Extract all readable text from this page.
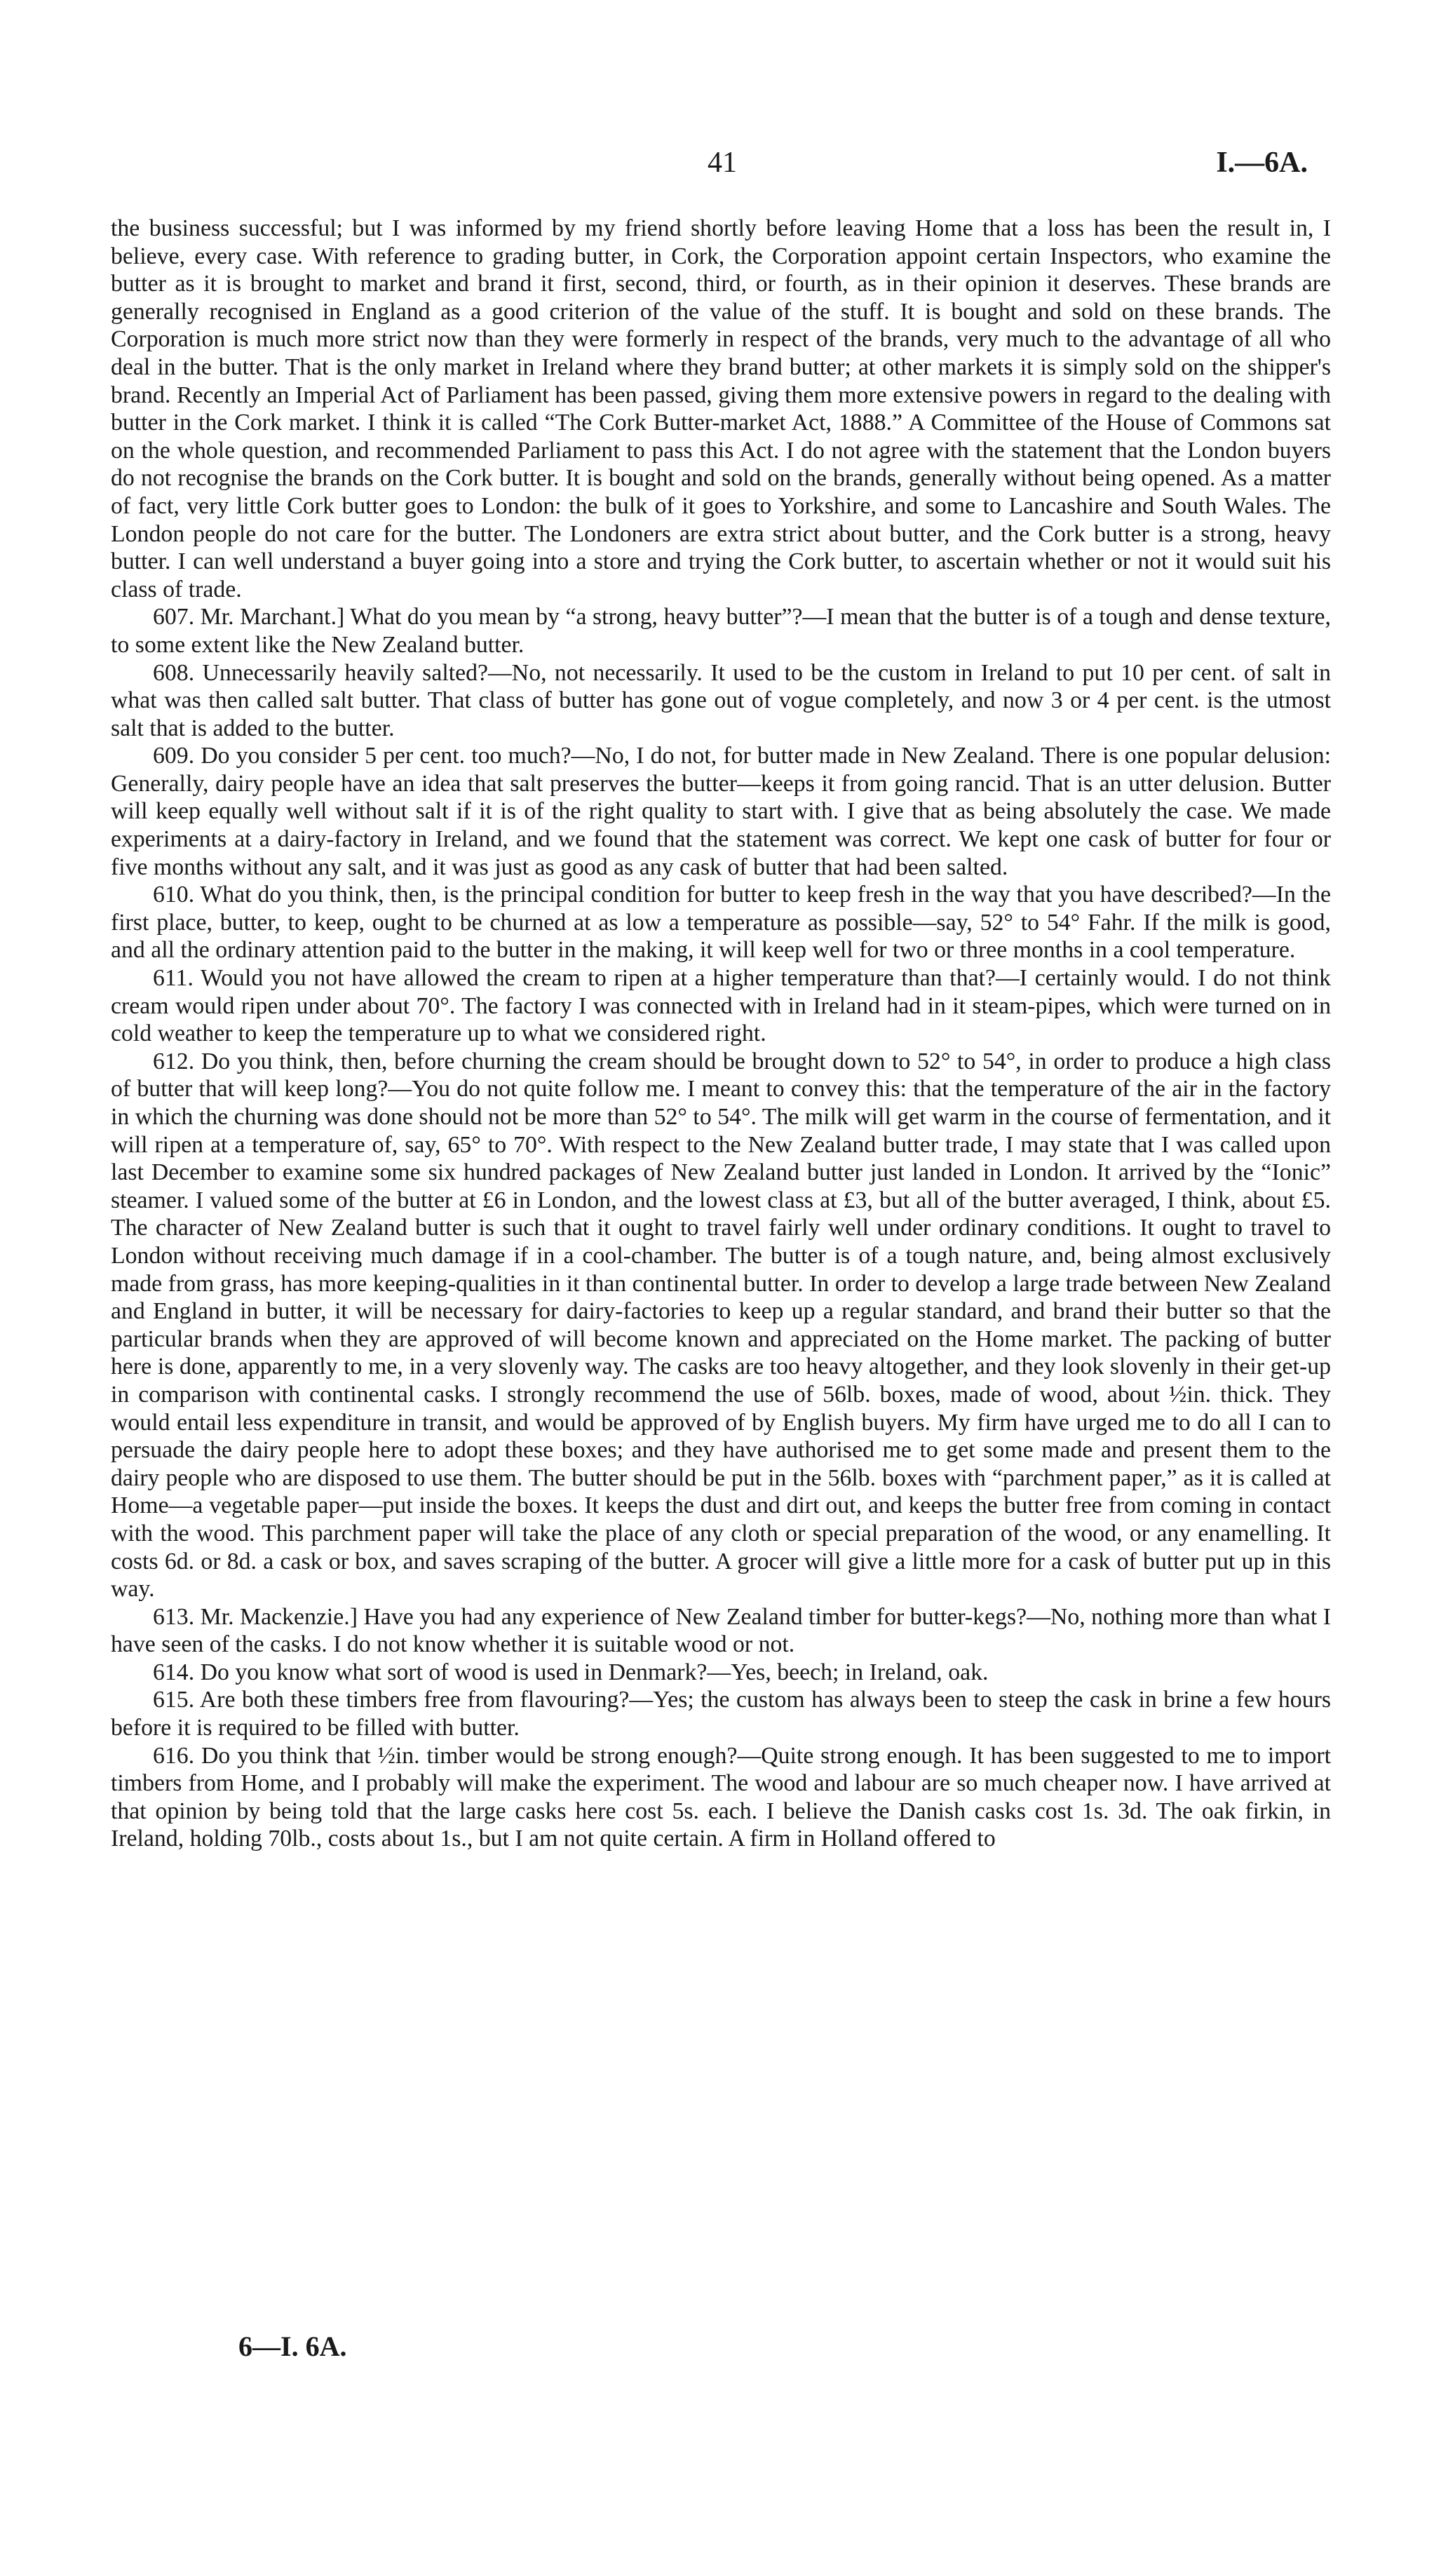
41	I.—6A.

the business successful; but I was informed by my friend shortly before leaving Home that a loss has been the result in, I believe, every case. With reference to grading butter, in Cork, the Corporation appoint certain Inspectors, who examine the butter as it is brought to market and brand it first, second, third, or fourth, as in their opinion it deserves. These brands are generally recognised in England as a good criterion of the value of the stuff. It is bought and sold on these brands. The Corporation is much more strict now than they were formerly in respect of the brands, very much to the advantage of all who deal in the butter. That is the only market in Ireland where they brand butter; at other markets it is simply sold on the shipper's brand. Recently an Imperial Act of Parliament has been passed, giving them more extensive powers in regard to the dealing with butter in the Cork market. I think it is called “The Cork Butter-market Act, 1888.” A Committee of the House of Commons sat on the whole question, and recommended Parliament to pass this Act. I do not agree with the statement that the London buyers do not recognise the brands on the Cork butter. It is bought and sold on the brands, generally without being opened. As a matter of fact, very little Cork butter goes to London: the bulk of it goes to Yorkshire, and some to Lancashire and South Wales. The London people do not care for the butter. The Londoners are extra strict about butter, and the Cork butter is a strong, heavy butter. I can well understand a buyer going into a store and trying the Cork butter, to ascertain whether or not it would suit his class of trade.

607. Mr. Marchant.] What do you mean by “a strong, heavy butter”?—I mean that the butter is of a tough and dense texture, to some extent like the New Zealand butter.

608. Unnecessarily heavily salted?—No, not necessarily. It used to be the custom in Ireland to put 10 per cent. of salt in what was then called salt butter. That class of butter has gone out of vogue completely, and now 3 or 4 per cent. is the utmost salt that is added to the butter.

609. Do you consider 5 per cent. too much?—No, I do not, for butter made in New Zealand. There is one popular delusion: Generally, dairy people have an idea that salt preserves the butter—keeps it from going rancid. That is an utter delusion. Butter will keep equally well without salt if it is of the right quality to start with. I give that as being absolutely the case. We made experiments at a dairy-factory in Ireland, and we found that the statement was correct. We kept one cask of butter for four or five months without any salt, and it was just as good as any cask of butter that had been salted.

610. What do you think, then, is the principal condition for butter to keep fresh in the way that you have described?—In the first place, butter, to keep, ought to be churned at as low a temperature as possible—say, 52° to 54° Fahr. If the milk is good, and all the ordinary attention paid to the butter in the making, it will keep well for two or three months in a cool temperature.

611. Would you not have allowed the cream to ripen at a higher temperature than that?—I certainly would. I do not think cream would ripen under about 70°. The factory I was connected with in Ireland had in it steam-pipes, which were turned on in cold weather to keep the temperature up to what we considered right.

612. Do you think, then, before churning the cream should be brought down to 52° to 54°, in order to produce a high class of butter that will keep long?—You do not quite follow me. I meant to convey this: that the temperature of the air in the factory in which the churning was done should not be more than 52° to 54°. The milk will get warm in the course of fermentation, and it will ripen at a temperature of, say, 65° to 70°. With respect to the New Zealand butter trade, I may state that I was called upon last December to examine some six hundred packages of New Zealand butter just landed in London. It arrived by the “Ionic” steamer. I valued some of the butter at £6 in London, and the lowest class at £3, but all of the butter averaged, I think, about £5. The character of New Zealand butter is such that it ought to travel fairly well under ordinary conditions. It ought to travel to London without receiving much damage if in a cool-chamber. The butter is of a tough nature, and, being almost exclusively made from grass, has more keeping-qualities in it than continental butter. In order to develop a large trade between New Zealand and England in butter, it will be necessary for dairy-factories to keep up a regular standard, and brand their butter so that the particular brands when they are approved of will become known and appreciated on the Home market. The packing of butter here is done, apparently to me, in a very slovenly way. The casks are too heavy altogether, and they look slovenly in their get-up in comparison with continental casks. I strongly recommend the use of 56lb. boxes, made of wood, about ½in. thick. They would entail less expenditure in transit, and would be approved of by English buyers. My firm have urged me to do all I can to persuade the dairy people here to adopt these boxes; and they have authorised me to get some made and present them to the dairy people who are disposed to use them. The butter should be put in the 56lb. boxes with “parchment paper,” as it is called at Home—a vegetable paper—put inside the boxes. It keeps the dust and dirt out, and keeps the butter free from coming in contact with the wood. This parchment paper will take the place of any cloth or special preparation of the wood, or any enamelling. It costs 6d. or 8d. a cask or box, and saves scraping of the butter. A grocer will give a little more for a cask of butter put up in this way.

613. Mr. Mackenzie.] Have you had any experience of New Zealand timber for butter-kegs?—No, nothing more than what I have seen of the casks. I do not know whether it is suitable wood or not.

614. Do you know what sort of wood is used in Denmark?—Yes, beech; in Ireland, oak.

615. Are both these timbers free from flavouring?—Yes; the custom has always been to steep the cask in brine a few hours before it is required to be filled with butter.

616. Do you think that ½in. timber would be strong enough?—Quite strong enough. It has been suggested to me to import timbers from Home, and I probably will make the experiment. The wood and labour are so much cheaper now. I have arrived at that opinion by being told that the large casks here cost 5s. each. I believe the Danish casks cost 1s. 3d. The oak firkin, in Ireland, holding 70lb., costs about 1s., but I am not quite certain. A firm in Holland offered to

6—I. 6A.
